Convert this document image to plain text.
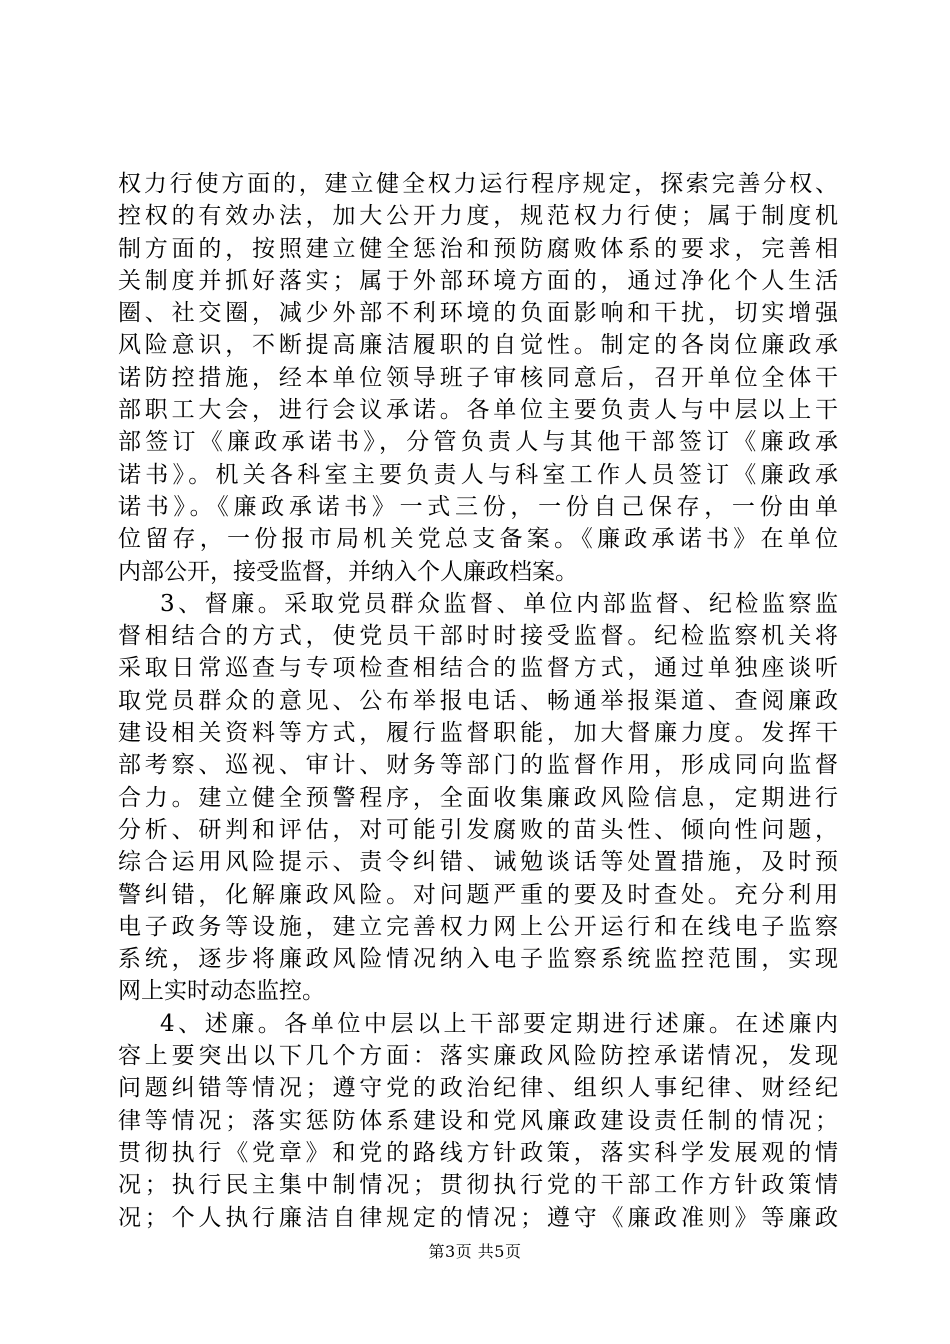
权力行使方面的，建立健全权力运行程序规定，探索完善分权、
控权的有效办法，加大公开力度，规范权力行使；属于制度机
制方面的，按照建立健全惩治和预防腐败体系的要求，完善相
关制度并抓好落实；属于外部环境方面的，通过净化个人生活
圈、社交圈，减少外部不利环境的负面影响和干扰，切实增强
风险意识，不断提高廉洁履职的自觉性。制定的各岗位廉政承
诺防控措施，经本单位领导班子审核同意后，召开单位全体干
部职工大会，进行会议承诺。各单位主要负责人与中层以上干
部签订《廉政承诺书》，分管负责人与其他干部签订《廉政承
诺书》。机关各科室主要负责人与科室工作人员签订《廉政承
诺书》。《廉政承诺书》一式三份，一份自己保存，一份由单
位留存，一份报市局机关党总支备案。《廉政承诺书》在单位
内部公开，接受监督，并纳入个人廉政档案。
3、督廉。采取党员群众监督、单位内部监督、纪检监察监
督相结合的方式，使党员干部时时接受监督。纪检监察机关将
采取日常巡查与专项检查相结合的监督方式，通过单独座谈听
取党员群众的意见、公布举报电话、畅通举报渠道、查阅廉政
建设相关资料等方式，履行监督职能，加大督廉力度。发挥干
部考察、巡视、审计、财务等部门的监督作用，形成同向监督
合力。建立健全预警程序，全面收集廉政风险信息，定期进行
分析、研判和评估，对可能引发腐败的苗头性、倾向性问题，
综合运用风险提示、责令纠错、诫勉谈话等处置措施，及时预
警纠错，化解廉政风险。对问题严重的要及时查处。充分利用
电子政务等设施，建立完善权力网上公开运行和在线电子监察
系统，逐步将廉政风险情况纳入电子监察系统监控范围，实现
网上实时动态监控。
4、述廉。各单位中层以上干部要定期进行述廉。在述廉内
容上要突出以下几个方面：落实廉政风险防控承诺情况，发现
问题纠错等情况；遵守党的政治纪律、组织人事纪律、财经纪
律等情况；落实惩防体系建设和党风廉政建设责任制的情况；
贯彻执行《党章》和党的路线方针政策，落实科学发展观的情
况；执行民主集中制情况；贯彻执行党的干部工作方针政策情
况；个人执行廉洁自律规定的情况；遵守《廉政准则》等廉政
第3页 共5页
